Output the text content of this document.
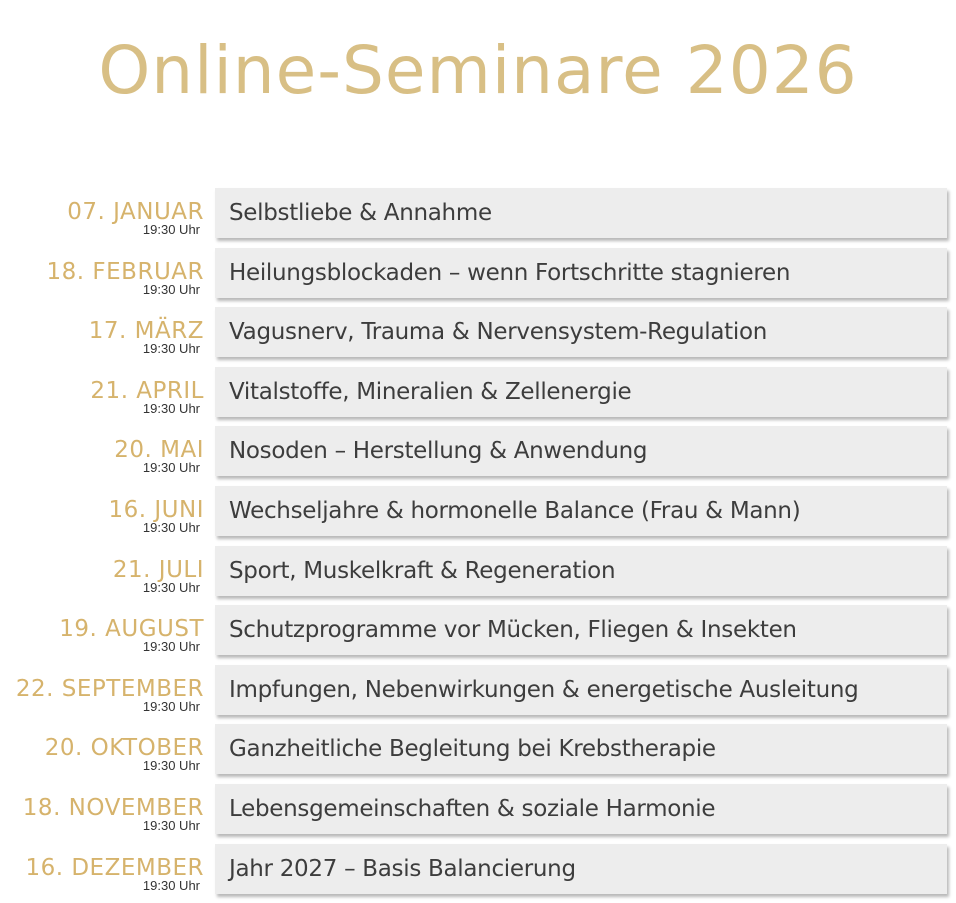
Online-Seminare 2026
07. JANUAR
19:30 Uhr
Selbstliebe & Annahme
18. FEBRUAR
19:30 Uhr
Heilungsblockaden – wenn Fortschritte stagnieren
17. MÄRZ
19:30 Uhr
Vagusnerv, Trauma & Nervensystem-Regulation
21. APRIL
19:30 Uhr
Vitalstoffe, Mineralien & Zellenergie
20. MAI
19:30 Uhr
Nosoden – Herstellung & Anwendung
16. JUNI
19:30 Uhr
Wechseljahre & hormonelle Balance (Frau & Mann)
21. JULI
19:30 Uhr
Sport, Muskelkraft & Regeneration
19. AUGUST
19:30 Uhr
Schutzprogramme vor Mücken, Fliegen & Insekten
22. SEPTEMBER
19:30 Uhr
Impfungen, Nebenwirkungen & energetische Ausleitung
20. OKTOBER
19:30 Uhr
Ganzheitliche Begleitung bei Krebstherapie
18. NOVEMBER
19:30 Uhr
Lebensgemeinschaften & soziale Harmonie
16. DEZEMBER
19:30 Uhr
Jahr 2027 – Basis Balancierung
